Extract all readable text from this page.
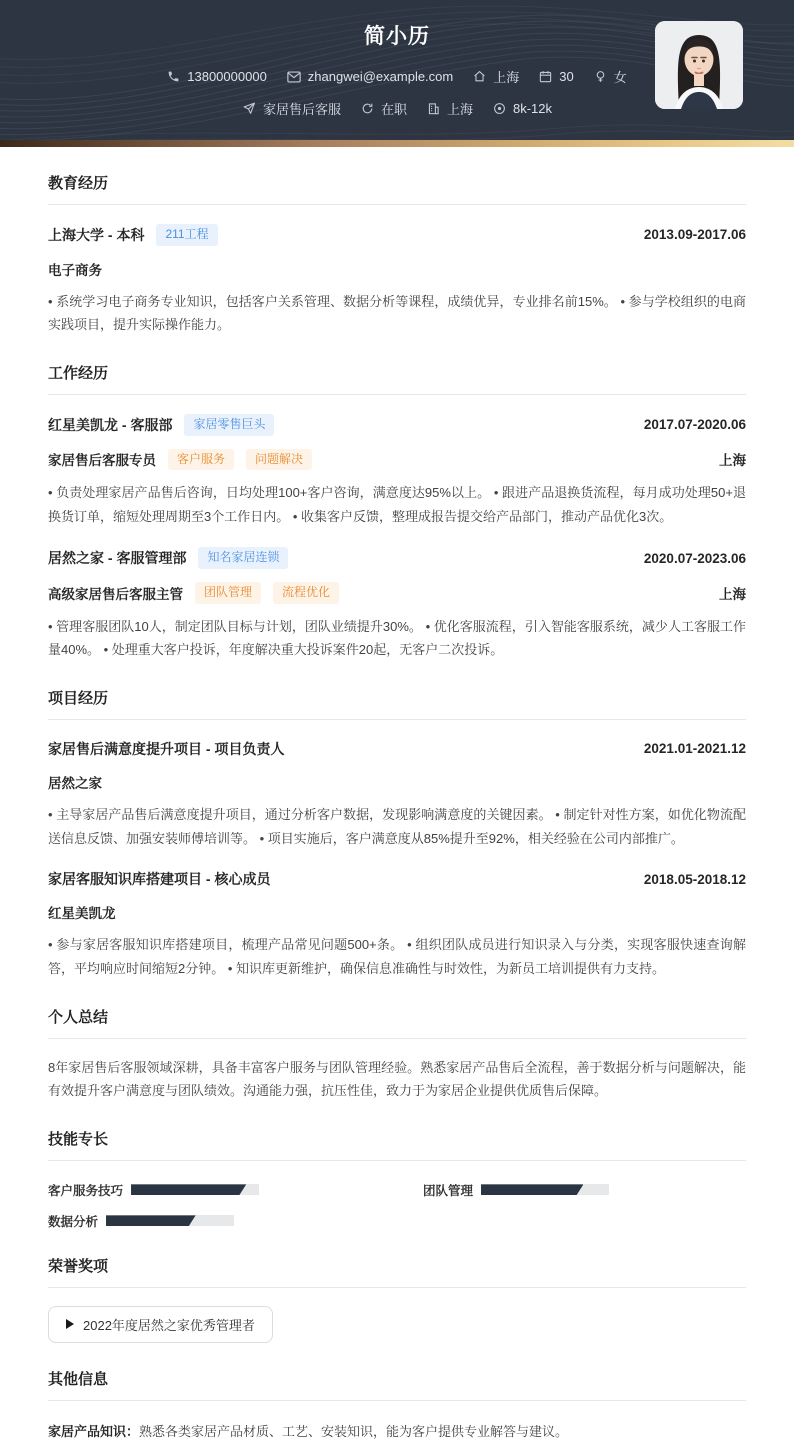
简小历
13800000000	zhangwei@example.com	上海	30	女
家居售后客服	在职	上海	8k-12k
教育经历
上海大学 - 本科	211工程	2013.09-2017.06
电子商务
• 系统学习电子商务专业知识，包括客户关系管理、数据分析等课程，成绩优异，专业排名前15%。 • 参与学校组织的电商实践项目，提升实际操作能力。
工作经历
红星美凯龙 - 客服部	家居零售巨头	2017.07-2020.06
家居售后客服专员	客户服务	问题解决	上海
• 负责处理家居产品售后咨询，日均处理100+客户咨询，满意度达95%以上。 • 跟进产品退换货流程，每月成功处理50+退换货订单，缩短处理周期至3个工作日内。 • 收集客户反馈，整理成报告提交给产品部门，推动产品优化3次。
居然之家 - 客服管理部	知名家居连锁	2020.07-2023.06
高级家居售后客服主管	团队管理	流程优化	上海
• 管理客服团队10人，制定团队目标与计划，团队业绩提升30%。 • 优化客服流程，引入智能客服系统，减少人工客服工作量40%。 • 处理重大客户投诉，年度解决重大投诉案件20起，无客户二次投诉。
项目经历
家居售后满意度提升项目 - 项目负责人	2021.01-2021.12
居然之家
• 主导家居产品售后满意度提升项目，通过分析客户数据，发现影响满意度的关键因素。 • 制定针对性方案，如优化物流配送信息反馈、加强安装师傅培训等。 • 项目实施后，客户满意度从85%提升至92%，相关经验在公司内部推广。
家居客服知识库搭建项目 - 核心成员	2018.05-2018.12
红星美凯龙
• 参与家居客服知识库搭建项目，梳理产品常见问题500+条。 • 组织团队成员进行知识录入与分类，实现客服快速查询解答，平均响应时间缩短2分钟。 • 知识库更新维护，确保信息准确性与时效性，为新员工培训提供有力支持。
个人总结
8年家居售后客服领域深耕，具备丰富客户服务与团队管理经验。熟悉家居产品售后全流程，善于数据分析与问题解决，能有效提升客户满意度与团队绩效。沟通能力强，抗压性佳，致力于为家居企业提供优质售后保障。
技能专长
客户服务技巧	团队管理
数据分析
荣誉奖项
2022年度居然之家优秀管理者
其他信息
家居产品知识：熟悉各类家居产品材质、工艺、安装知识，能为客户提供专业解答与建议。
